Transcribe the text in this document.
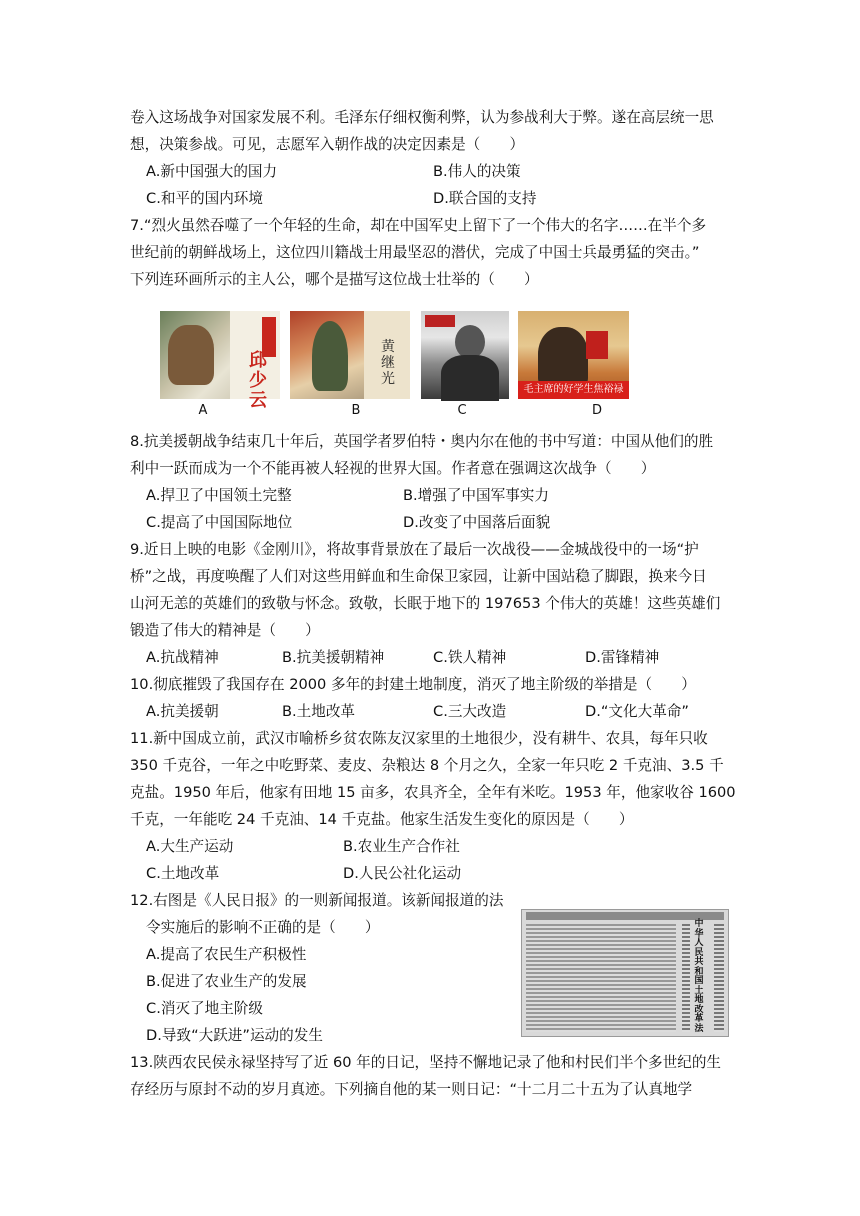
卷入这场战争对国家发展不利。毛泽东仔细权衡利弊，认为参战利大于弊。遂在高层统一思
想，决策参战。可见，志愿军入朝作战的决定因素是（　　）
A.新中国强大的国力	B.伟人的决策
C.和平的国内环境	D.联合国的支持
7.“烈火虽然吞噬了一个年轻的生命，却在中国军史上留下了一个伟大的名字……在半个多
世纪前的朝鲜战场上，这位四川籍战士用最坚忍的潜伏，完成了中国士兵最勇猛的突击。”
下列连环画所示的主人公，哪个是描写这位战士壮举的（　　）
邱
少
云
黄
继
光
毛主席的好学生焦裕禄
A	B	C	D
8.抗美援朝战争结束几十年后，英国学者罗伯特・奥内尔在他的书中写道：中国从他们的胜
利中一跃而成为一个不能再被人轻视的世界大国。作者意在强调这次战争（　　）
A.捍卫了中国领土完整	B.增强了中国军事实力
C.提高了中国国际地位	D.改变了中国落后面貌
9.近日上映的电影《金刚川》，将故事背景放在了最后一次战役——金城战役中的一场“护
桥”之战，再度唤醒了人们对这些用鲜血和生命保卫家园，让新中国站稳了脚跟，换来今日
山河无恙的英雄们的致敬与怀念。致敬，长眠于地下的 197653 个伟大的英雄！这些英雄们
锻造了伟大的精神是（　　）
A.抗战精神	B.抗美援朝精神	C.铁人精神	D.雷锋精神
10.彻底摧毁了我国存在 2000 多年的封建土地制度，消灭了地主阶级的举措是（　　）
A.抗美援朝	B.土地改革	C.三大改造	D.“文化大革命”
11.新中国成立前，武汉市喻桥乡贫农陈友汉家里的土地很少，没有耕牛、农具，每年只收
350 千克谷，一年之中吃野菜、麦皮、杂粮达 8 个月之久，全家一年只吃 2 千克油、3.5 千
克盐。1950 年后，他家有田地 15 亩多，农具齐全，全年有米吃。1953 年，他家收谷 1600
千克，一年能吃 24 千克油、14 千克盐。他家生活发生变化的原因是（　　）
A.大生产运动	B.农业生产合作社
C.土地改革	D.人民公社化运动
12.右图是《人民日报》的一则新闻报道。该新闻报道的法
令实施后的影响不正确的是（　　）
A.提高了农民生产积极性
B.促进了农业生产的发展
C.消灭了地主阶级
D.导致“大跃进”运动的发生
中
华
人
民
共
和
国
土
地
改
革
法
13.陕西农民侯永禄坚持写了近 60 年的日记，坚持不懈地记录了他和村民们半个多世纪的生
存经历与原封不动的岁月真迹。下列摘自他的某一则日记：“十二月二十五为了认真地学
